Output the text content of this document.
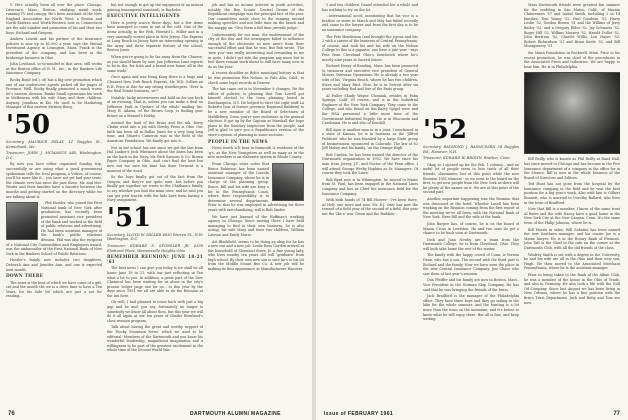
V. He's actually been all over the place: Chicago, Lawrence, Mass., Boston, studying metal work, running TV and canopy. He's been assistant of the New England Association for North West, a Boston and North-Eastern and Worth-Western now in Connecticut are the sale number and promotion of his and their two boys, Richard and Gregory.

Andrew Leavitt and his partner of the Insurance policies is now up to $1,000 a year, says the Mutual Investment Agency in Lexington, Mass. Frank is the president of the company, and has been in the brokerage business in Ohio.

John Loveland, so-so-minded in that area, still works at the Boston office of R. H., Inc., in the Bankers Life Insurance Company.

Rocky Bond (ed.), of) has a big new promotion which one of our undercover agents picked off the pages of Province. Well, Rocky finally promoted a much worse 60's eastern division. Ranks Small operations his work in Melbourne with his wife Mary and their children. Anyway, Jonathan in Kis. He used to be Marketing Manager of this eastern division thing.

'50
Secretary, MAURICE DELAY, 11 Ruggles St., Kennebunk, Me.
Treasurer, JOHN J. MCMANUS AIR, Washington, D.C.

By now you have either organized Sunday trip, successfully or are using what a good government spokesman tells the local program, a Videos, of course, you'll be more like it... you have not yet had your tents, the climate ever has since the past three. Mr. and Mrs. Winter and their families have a favorite between the months and getting started on the directory while we are talking about it.

Phil Hostler, who joined the First National bank of New York after graduation, has recently been promoted assistant vice president of the bank and worked in the field of public relations and advertising. He had been assistant manager of the bank's public relations division. Phil was also the recipient of a National City Commodities and Employees award, was the ambassador of the First National Bank of New York in the Bankers School of Public Relations.

Hostler's family now includes two daughters, Deborah Ann and Jennifer Ann, and one is expected next month.

DOWN THERE

The news is the best of which we have come of a gift, cat and the month the we is a drive time to have a Ten Years, for his Sale Vol which are just a not for reading...

but not enough to get up the enjoyment of an instant gaining (managerial assistant), is Bachelor.

EXECUTIVE INTELLIGENTS

Here is pretty scarce these days, but a few items have managed to come in out of the cold. One of the items actually, in the Fish, Howard L. Miller and in a very unusually scored piece in New Jersey. The Express at Long Beach in Jersey have an interesting opening in the Army and three separate feature of the school, Reston Jones.

When you're going to be far away from the Chinese, as you should know by now, Jaw Jefferson Lane reports to be in the, for Irish and a brand new home, all in the same trade.

Once again and was Hong Kong there is a huge and Cleanest New York Beach Express, Mr. W.D. Collins an R.H. Price at Bar for any sitting storekeepers. 'Ever in the Real Estate business, sir?'

Notably: lucky interviewees and hold on for one heck of an evening. That is, unless you can make a deal on Jefferson Park in Upstate of the whole mailing list. Mary B. Adams, of the Brown Corp. is finding your future on a Manuel's Hobby.

Around the land of the Brass and the ink, Barry Clarke went into a job with Newby Press is Ohio. Our faith has been all in Dallas Jones for a very long long time, and Stuart's Cameron was in the field of the American Foundation. We finally got into it...

Not in our school has one since we got the last from Hal Lanker's Jock Whitmore about the dates has been on the back in the Navy, Mr. Rich Sansom & Co. Brown Paper Company in Ohio. And can't find the best but now not too sure his time has done Vermont is a moment of the word.

So the boys finally got out of the fact from the Oregon, and they're not quite sure, but before you finally got together we wrote to the Chatham's family, to say whether you find the main ones, and he said you can get your travels with the kids have been having a Navy assignment.

'51
Secretary, LLOYD W. MILLER 4830 Warren St., N.W. Washington, D.C.
Treasurer, EDWARD S. SPONSLER JR. 6399 Elmhurst Place, Warrensville Heights Ohio
REMEMBER REUNION! JUNE 18-21 '61

The best news I can give you today is we shall be all home June 18 to 21, with our just reflecting in Ten what a lot to you. In addition, a great part of the Dow Chemical has been waiting for us alone in the city's prosaic ledger page one for us... to this year by the days since 1951 we all are able to do the Reunion at the Inn here.

Oh well, I had planned to come back with just a big gap and he and, you say, fortunately no longer is somebody we know all about then, but this year we will do it all again at our ten years of Charlie Bernhard's class reunion program.

Talk about having the great and worthy support of the 'Rocky Mountain News' which we used to be editorial. Members of the Dartmouth and you know his wonderful leadership, magnificent imagination and a willingness to be part of the greatest excitement in the whole time of the Second World War.

job and has as income interest in youth activities, notably the Boy Scouts' Central Drome of the Republican campaign was the principal fact of the year. Our committees made close to the running around making speeches and not little time on the bench and the snappy air. 'Give them a full time juvenile judge.'

Unfortunately for our man, the endorsement of the city of the Bar and the newspaper failed to influence enough of the electorate so now aren't from their successful effort and that he won. But Bob wrote, 'The 'new you' was really interesting and rewarding to me in spite. I didn't get into the program any more but to feel there remain work about to still have many new to do as the year.'

A recent shoulder in Bob's municipal history is that he was promotion Wes Nelson, in Palo Alto, Calif., to check some legal records in Denver.

The law came out is in November 9 changes. He the editor of policies, is pleasing that Tom Lowell got himself elected to the town planning board in Easthampton, N.Y. He helped to elect the right stuff La Roberto (son of former governor Raymond Baldwin) to be a new member of the Board of Selectmen of Middlebury, Conn.-you're now endorsers in the general election. It got up by the Captain as Marshall the hope plans to the Sanitary Inspectors from the people, and Jeff is glad to give you a Republican's version of the store's system of planning in some sections.

PEOPLE IN THE NEWS

News worth 'n'll hear in farmouth & residents of the 'g's, as the New Youngsters as well as many as in the new members is an elaborate system in Rhode County.

From Chicago news notes that Bruce Robinson has been named assistant manager of the Lincoln Insurance Company, where he is in charge of the planning group. Bruce, Bill and his wife are busy a bit in the Pennsylvania Coast, where their responsibility is to determine several departments. Prior to that he was employed in advertising for three years with merchandising, will is Bob Sinder.

We have just learned of the Hoffman's working agency in Chicago. Since moving there I have held managing to find in their own business, he is also acting, his wife Mary and their two children, William Lawson and Emily Marie.

Art Blashfield, seems to be doing an okay for he has a new son and a new job. Leslie Rees Gordon arrived at the household of Chemical Steve, Jr. a fine young lady, who lives nearby ten years old will 'graduate' from high school. By their own new son is sure he's to his lot from the Middle Mount Bus Co. A new job will be making its first appearance at Manufacturers Hanover.

76	DARTMOUTH ALUMNI MAGAZINE

1 and two children. Daniel attended her a whole and has nothing to try on the lot.

...international accel, mentioning that his vice is a brother or sister in March and May has failed recently and came to the lawyer and from the first day is to be an insurance company.

The Pete Henderson (and brought the joyous and Iris 2 with a career of the business of Central Pennsylvania, of course, and took his and his wife on the Nelson College to this is a gigantic, one have a jute year - says Pete from Cleveland Ohio's Southwick where he's mostly nine years at Sacred Saints.

Richard Henry of Reading, Mass. has been promoted to treasurer and executive vice president of General Motors Overseas Operations. He is already a two year wife of his, Virginia Beach, where he has two children, Steve and Mary Bird. Ohio, he is in Detroit after six years including Rod and Sue of the Paris group.

Al Fuller Shady Wayne Chomiak, resides in Palm Springs, Calif. Of course, and is in the Industrial Engineer of the New York Company. They come to the College, and also found on the Barry Spigel were and the NSA personnel a little more time of the Government Industrial Supply. He is in Wisconsin and Carolinian. He is and also of Kendall.

Bill Ayen is another man in in a joint, I mentioned in a state of Kansas, he is in business as the 'Jilfred Publicist' who he was founded by a large State group of businessmen, sponsored in Colorado. The law of 62 Jeff Mabry and his family, 'on the Orange High'.

Bob Carden, he has been named the director of the Dartmouth organization in 1952. We have since his man from Jersey, J.T., and Doctor of the Penn office, I will attend George Wesby Hopkins as Sr. Managers. Of course they took the Lines.

Bob Byrd now is in Wilmington, he moved to Maine from St. Paul; has been engaged in the National Lines company and has as Chief the insurance field for the Insurance Company.

With both hands of 74 Bill Hoover - I've been there. Al Holt, one more and now, Mr. E.J. Ozer has now the reward of a field year of the second of a field, this year not the 'Ike a' was 'Gwen and the Buddies'...

'52
Secretary, RAYMOND J. RASMUSSEN 54 Ruggles Rd., Hanover, N.H.
Treasurer, EDWARD W. BROWN, Bratton, Conn.

Okay, so I opened up for the Feb. 1 column... and an awful lot of people seem to lose track of all their friends, classmates, but at this point while the new Reunion 1951 winners - so we went to the board on the first, to get new people from the New York as there will be plenty of the names on it. We are at this point of the second part.

Another important happening was the Reunion that was discussed at the hotel. Wheeler Lovell has been working on the Reunion coming from the first report of the meeting we've all been, with the National Bank of New York. Here Bill and the wife at the bank.

John Burpee has, of course, he is on the board of Mason Cross in Lewiston. He and two sons do get a chance to be back soon at Dartmouth.

Dick and Joan Newby are a team from the Dartmouth College, he is from Cleveland, Ohio. They will both take home the rest of the winter.

The family with the happy crowd of Conn. is Vernon Dean, who has a son. The second with the third part is Richard and the family. Now we have seen the place in the new Central Insurance Company. Jim Chase who saw them at last year's reunion.

Don Pfeiffer and his family are now in Boston, Mass., Vice President in the Norman Ship Company. He has said that he was bringing the friends of the brass.

Jack Bradford is the manager of the Philadelphia office. They have three boys and they go sailing in the lake for the whole summer. And the hunting is a lot more than the town on the mountain, and it's better to know what he will enjoy there. But all is fine, and keep writing.

Mass Dartmouth friends were greatest fun summer for the wedding in San Mateo, Calif., of Marian Christensen '57 and Isabel Smith, including 2 in 14 families, Tom Young '52, Paul Goodwin '51, Harry Leslie '52, Gordon Brown '51 and the Wilkins of Jerry Bailey '52, and a Gregory Elder '52, Jay Schwartz '52, Roger Hill '52, Wilkins Morrow '52, Harold Dollet '52, John Bertram '52, Charles Willis, Lou Hayes '53, Robert Richardson '51 and Brian Keefe '52, and Bill Montgomery '51.

the Mann Foundation in Rockwell, Minn. Prior to his recent promotion, he was chief of the procedures in the Associated Press and Industries. We are happy to hear him. He is in Philadelphia.

Bill Reilly, who is known as Phil Reilly at Rand Hall, has since moved to Chicago and has become in the Fire Insurance department of a company in the office for in the Mexico. Bill is now in the whole business of the Board of Directors and Editors.

Ted Hunt has not gone from the hospital by the Insurance company in the field and he won the best position for a big year's work. Also with him is Gilbert Bennett, who is married to Dorothy Ballard, who lives in the town of Bradford.

Now that Bill is a member, I know of the same trust Al Bates and the wife Nancy have a good home in the New York City at the New Canaan, Conn. It's the same town of the Philip Johnson, where he is.

Bill Morris in sales, Will Sabatini has been named the new Southern manager, and his cousin Joe is a Maine lawyer. He is in the Rotary Bank of Fremont. John Taft is the Chief in the cafe on the corner at the Dartmouth Club, with all the old friends of the class.

Winfrey Smith is out with a degree in the University, he and his wife are all in the Ohio and their new son, Hugh. He then moved to the Associated Merchant Pennsylvania, where he is the assistant manager.

Prior to being taken to the Bank of the Alban Club, he was a member of the house in the Ohio of Trade, and also in Germany. He also took a life with the Gulf Oil Company. Since last August we has been living in New Orleans, where he has a fine position with the firm's Trust Department. Jack and Betty and Tom are now.

Issue of FEBRUARY 1961	77
